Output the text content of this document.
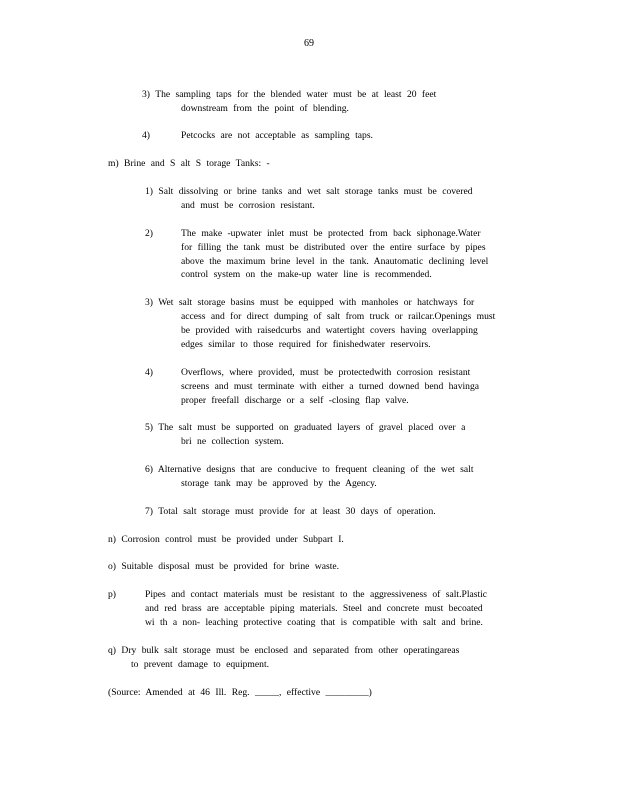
69
3) The sampling taps for the blended water must be at least 20 feet
downstream from the point of blending.
4)	Petcocks are not acceptable as sampling taps.
m) Brine and S alt S torage Tanks: -
1) Salt dissolving or brine tanks and wet salt storage tanks must be covered
and must be corrosion resistant.
2)	The make -upwater inlet must be protected from back siphonage.Water
for filling the tank must be distributed over the entire surface by pipes
above the maximum brine level in the tank. Anautomatic declining level
control system on the make-up water line is recommended.
3) Wet salt storage basins must be equipped with manholes or hatchways for
access and for direct dumping of salt from truck or railcar.Openings must
be provided with raisedcurbs and watertight covers having overlapping
edges similar to those required for finishedwater reservoirs.
4)	Overflows, where provided, must be protectedwith corrosion resistant
screens and must terminate with either a turned downed bend havinga
proper freefall discharge or a self -closing flap valve.
5) The salt must be supported on graduated layers of gravel placed over a
bri ne collection system.
6) Alternative designs that are conducive to frequent cleaning of the wet salt
storage tank may be approved by the Agency.
7) Total salt storage must provide for at least 30 days of operation.
n) Corrosion control must be provided under Subpart I.
o) Suitable disposal must be provided for brine waste.
p)	Pipes and contact materials must be resistant to the aggressiveness of salt.Plastic
and red brass are acceptable piping materials. Steel and concrete must becoated
wi th a non- leaching protective coating that is compatible with salt and brine.
q) Dry bulk salt storage must be enclosed and separated from other operatingareas
to prevent damage to equipment.
(Source: Amended at 46 Ill. Reg. _____, effective _________)
